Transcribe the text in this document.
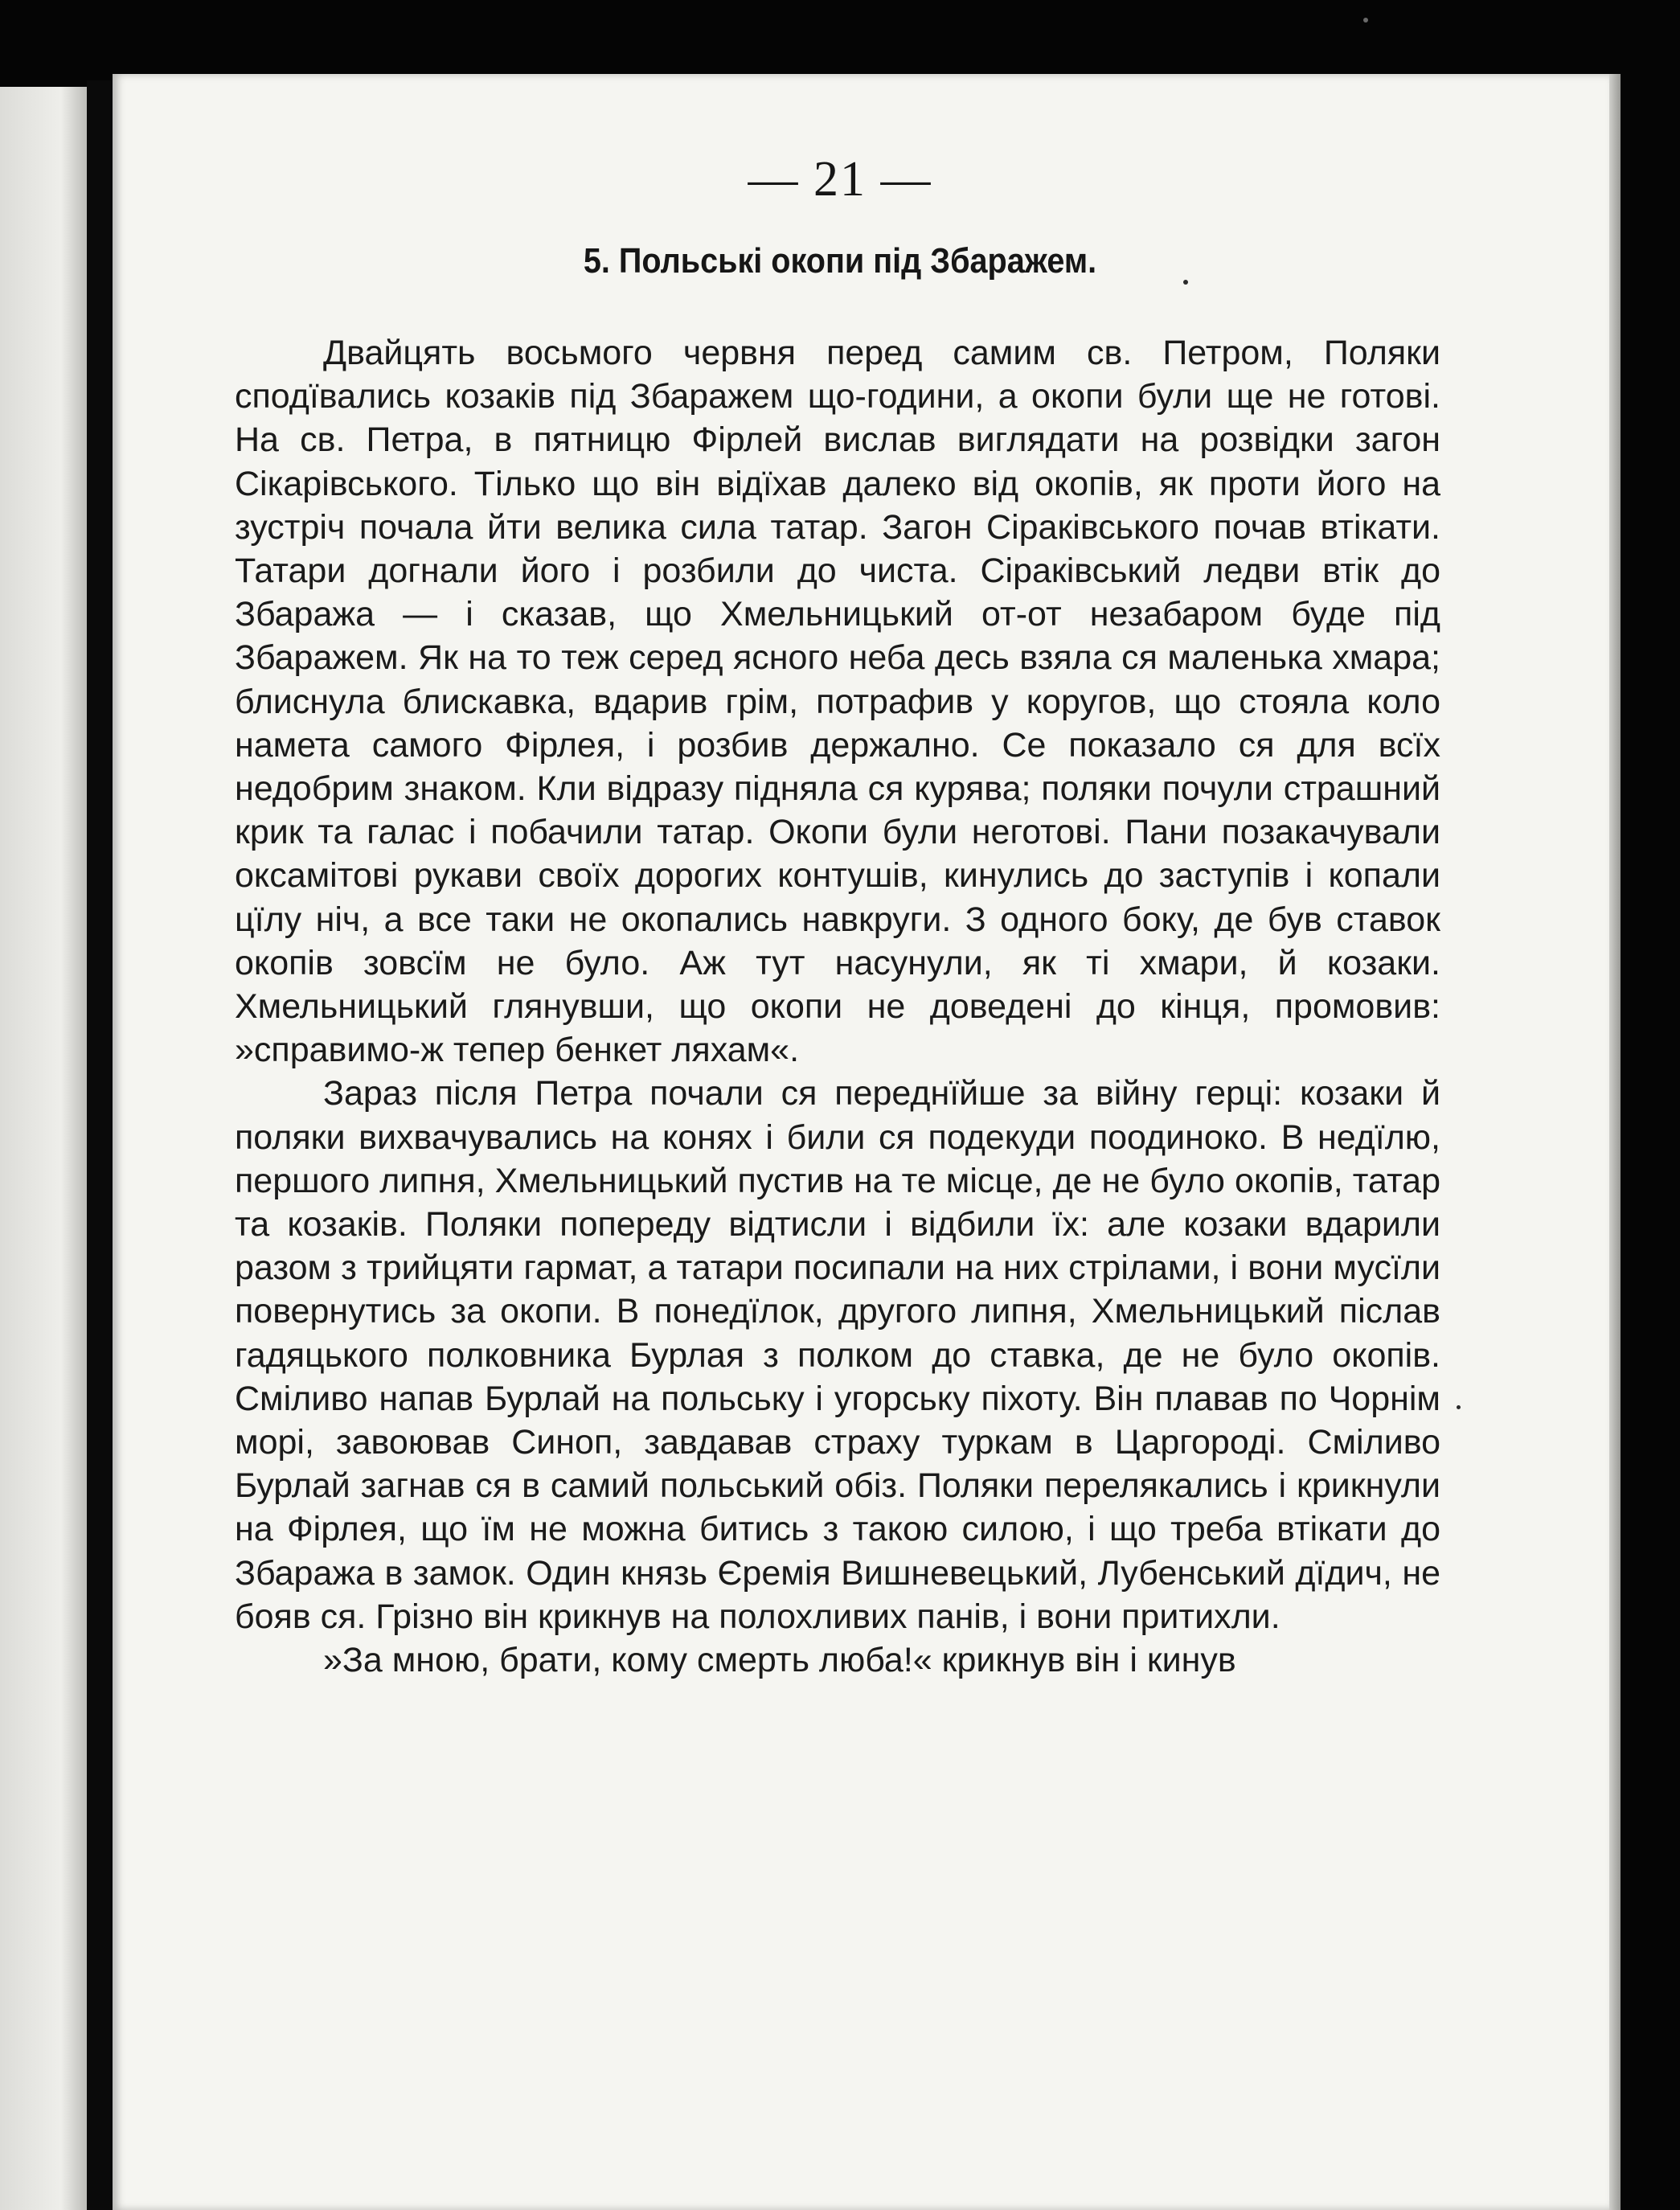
— 21 —

5. Польські окопи під Збаражем.

Двайцять восьмого червня перед самим св. Петром, Поляки сподївались козаків під Збаражем що-години, а окопи були ще не готові. На св. Петра, в пятницю Фірлей вислав виглядати на розвідки загон Сікарівського. Тілько що він відїхав далеко від окопів, як проти його на зустріч почала йти велика сила татар. Загон Сіраківського почав втікати. Татари догнали його і розбили до чиста. Сіраківський ледви втік до Збаража — і сказав, що Хмельницький от-от незабаром буде під Збаражем. Як на то теж серед ясного неба десь взяла ся маленька хмара; блиснула блискавка, вдарив грім, потрафив у коругов, що стояла коло намета самого Фірлея, і розбив держално. Се показало ся для всїх недобрим знаком. Кли відразу підняла ся курява; поляки почули страшний крик та галас і побачили татар. Окопи були неготові. Пани позакачували оксамітові рукави своїх дорогих контушів, кинулись до заступів і копали цїлу ніч, а все таки не окопались навкруги. З одного боку, де був ставок окопів зовсїм не було. Аж тут насунули, як ті хмари, й козаки. Хмельницький глянувши, що окопи не доведені до кінця, промовив: »справимо-ж тепер бенкет ляхам«.

Зараз після Петра почали ся переднїйше за війну герці: козаки й поляки вихвачувались на конях і били ся подекуди поодиноко. В недїлю, першого липня, Хмельницький пустив на те місце, де не було окопів, татар та козаків. Поляки попереду відтисли і відбили їх: але козаки вдарили разом з трийцяти гармат, а татари посипали на них стрілами, і вони мусїли повернутись за окопи. В понедїлок, другого липня, Хмельницький післав гадяцького полковника Бурлая з полком до ставка, де не було окопів. Сміливо напав Бурлай на польську і угорську піхоту. Він плавав по Чорнім морі, завоював Синоп, завдавав страху туркам в Царгороді. Сміливо Бурлай загнав ся в самий польський обіз. Поляки перелякались і крикнули на Фірлея, що їм не можна битись з такою силою, і що треба втікати до Збаража в замок. Один князь Єремія Вишневецький, Лубенський дїдич, не бояв ся. Грізно він крикнув на полохливих панів, і вони притихли.

»За мною, брати, кому смерть люба!« крикнув він і кинув
